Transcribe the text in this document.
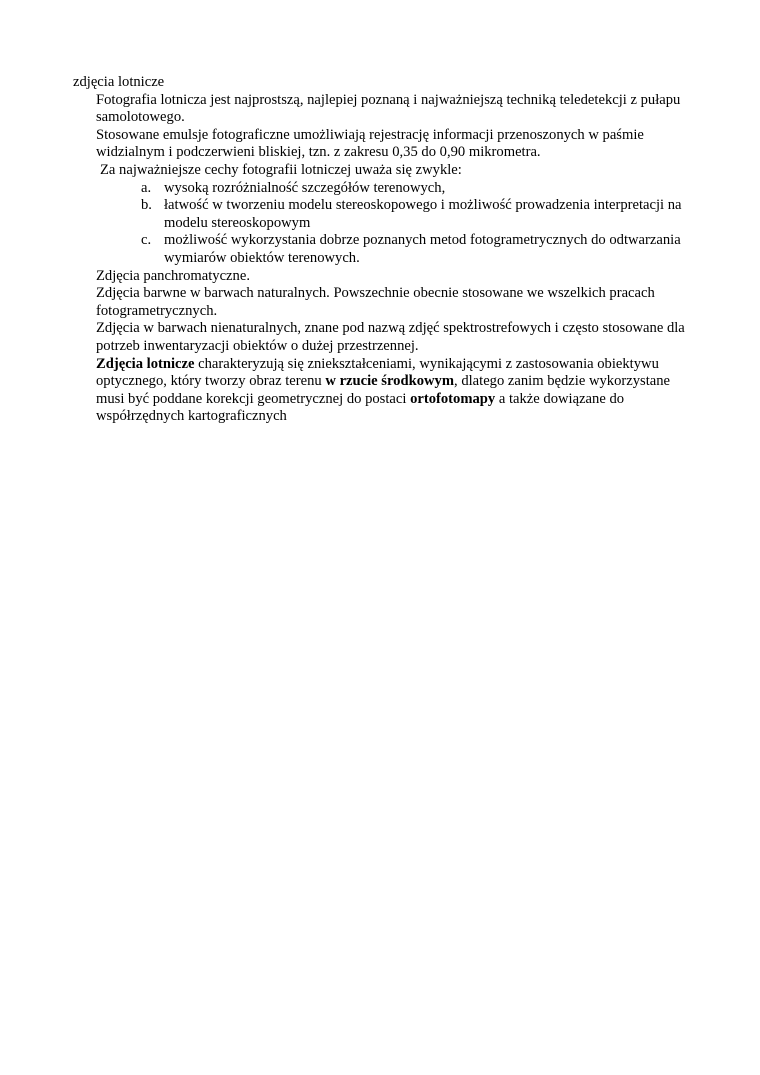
zdjęcia lotnicze

Fotografia lotnicza jest najprostszą, najlepiej poznaną i najważniejszą techniką teledetekcji z pułapu samolotowego.

Stosowane emulsje fotograficzne umożliwiają rejestrację informacji przenoszonych w paśmie widzialnym i podczerwieni bliskiej, tzn. z zakresu 0,35 do 0,90 mikrometra.

Za najważniejsze cechy fotografii lotniczej uważa się zwykle:

a. wysoką rozróżnialność szczegółów terenowych,
b. łatwość w tworzeniu modelu stereoskopowego i możliwość prowadzenia interpretacji na modelu stereoskopowym
c. możliwość wykorzystania dobrze poznanych metod fotogrametrycznych do odtwarzania wymiarów obiektów terenowych.

Zdjęcia panchromatyczne.

Zdjęcia barwne w barwach naturalnych. Powszechnie obecnie stosowane we wszelkich pracach fotogrametrycznych.

Zdjęcia w barwach nienaturalnych, znane pod nazwą zdjęć spektrostrefowych i często stosowane dla potrzeb inwentaryzacji obiektów o dużej przestrzennej.

Zdjęcia lotnicze charakteryzują się zniekształceniami, wynikającymi z zastosowania obiektywu optycznego, który tworzy obraz terenu w rzucie środkowym, dlatego zanim będzie wykorzystane musi być poddane korekcji geometrycznej do postaci ortofotomapy a także dowiązane do współrzędnych kartograficznych
